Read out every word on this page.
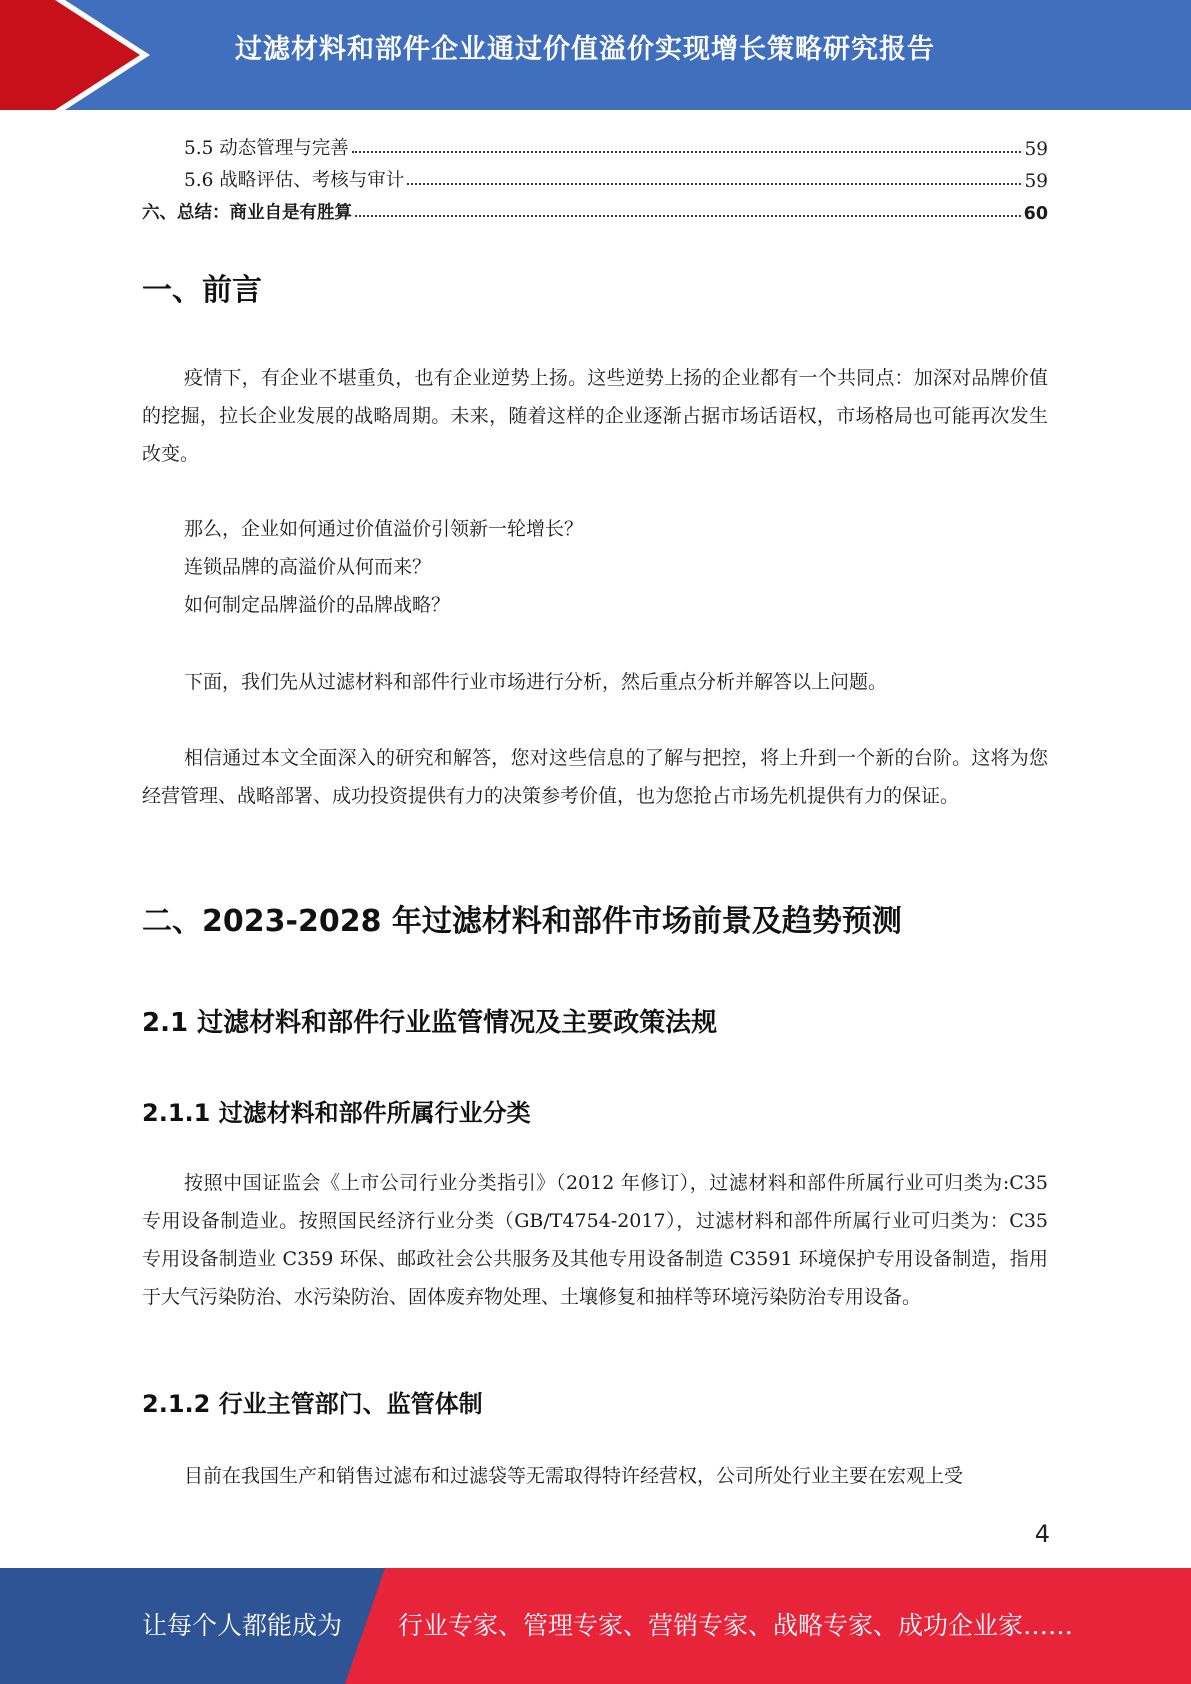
过滤材料和部件企业通过价值溢价实现增长策略研究报告
5.5 动态管理与完善	59
5.6 战略评估、考核与审计	59
六、总结：商业自是有胜算	60
一、前言

疫情下，有企业不堪重负，也有企业逆势上扬。这些逆势上扬的企业都有一个共同点：加深对品牌价值的挖掘，拉长企业发展的战略周期。未来，随着这样的企业逐渐占据市场话语权，市场格局也可能再次发生改变。

那么，企业如何通过价值溢价引领新一轮增长？

连锁品牌的高溢价从何而来？

如何制定品牌溢价的品牌战略？

下面，我们先从过滤材料和部件行业市场进行分析，然后重点分析并解答以上问题。

相信通过本文全面深入的研究和解答，您对这些信息的了解与把控，将上升到一个新的台阶。这将为您经营管理、战略部署、成功投资提供有力的决策参考价值，也为您抢占市场先机提供有力的保证。

二、2023-2028 年过滤材料和部件市场前景及趋势预测
2.1 过滤材料和部件行业监管情况及主要政策法规
2.1.1 过滤材料和部件所属行业分类

按照中国证监会《上市公司行业分类指引》（2012 年修订），过滤材料和部件所属行业可归类为:C35 专用设备制造业。按照国民经济行业分类（GB/T4754-2017），过滤材料和部件所属行业可归类为：C35 专用设备制造业 C359 环保、邮政社会公共服务及其他专用设备制造 C3591 环境保护专用设备制造，指用于大气污染防治、水污染防治、固体废弃物处理、土壤修复和抽样等环境污染防治专用设备。

2.1.2 行业主管部门、监管体制

目前在我国生产和销售过滤布和过滤袋等无需取得特许经营权，公司所处行业主要在宏观上受

4
让每个人都能成为 行业专家、管理专家、营销专家、战略专家、成功企业家……
